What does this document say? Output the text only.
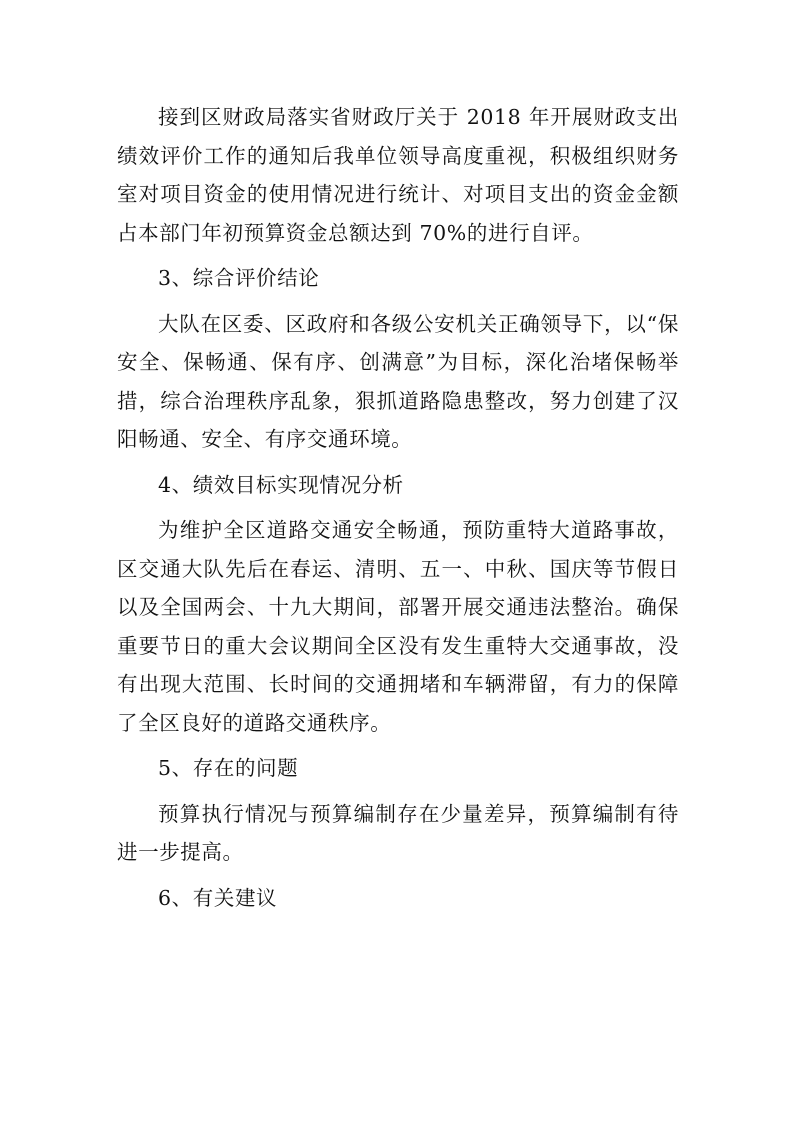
接到区财政局落实省财政厅关于 2018 年开展财政支出绩效评价工作的通知后我单位领导高度重视，积极组织财务室对项目资金的使用情况进行统计、对项目支出的资金金额占本部门年初预算资金总额达到 70%的进行自评。

3、综合评价结论

大队在区委、区政府和各级公安机关正确领导下，以“保安全、保畅通、保有序、创满意”为目标，深化治堵保畅举措，综合治理秩序乱象，狠抓道路隐患整改，努力创建了汉阳畅通、安全、有序交通环境。

4、绩效目标实现情况分析

为维护全区道路交通安全畅通，预防重特大道路事故，区交通大队先后在春运、清明、五一、中秋、国庆等节假日以及全国两会、十九大期间，部署开展交通违法整治。确保重要节日的重大会议期间全区没有发生重特大交通事故，没有出现大范围、长时间的交通拥堵和车辆滞留，有力的保障了全区良好的道路交通秩序。

5、存在的问题

预算执行情况与预算编制存在少量差异，预算编制有待进一步提高。

6、有关建议
